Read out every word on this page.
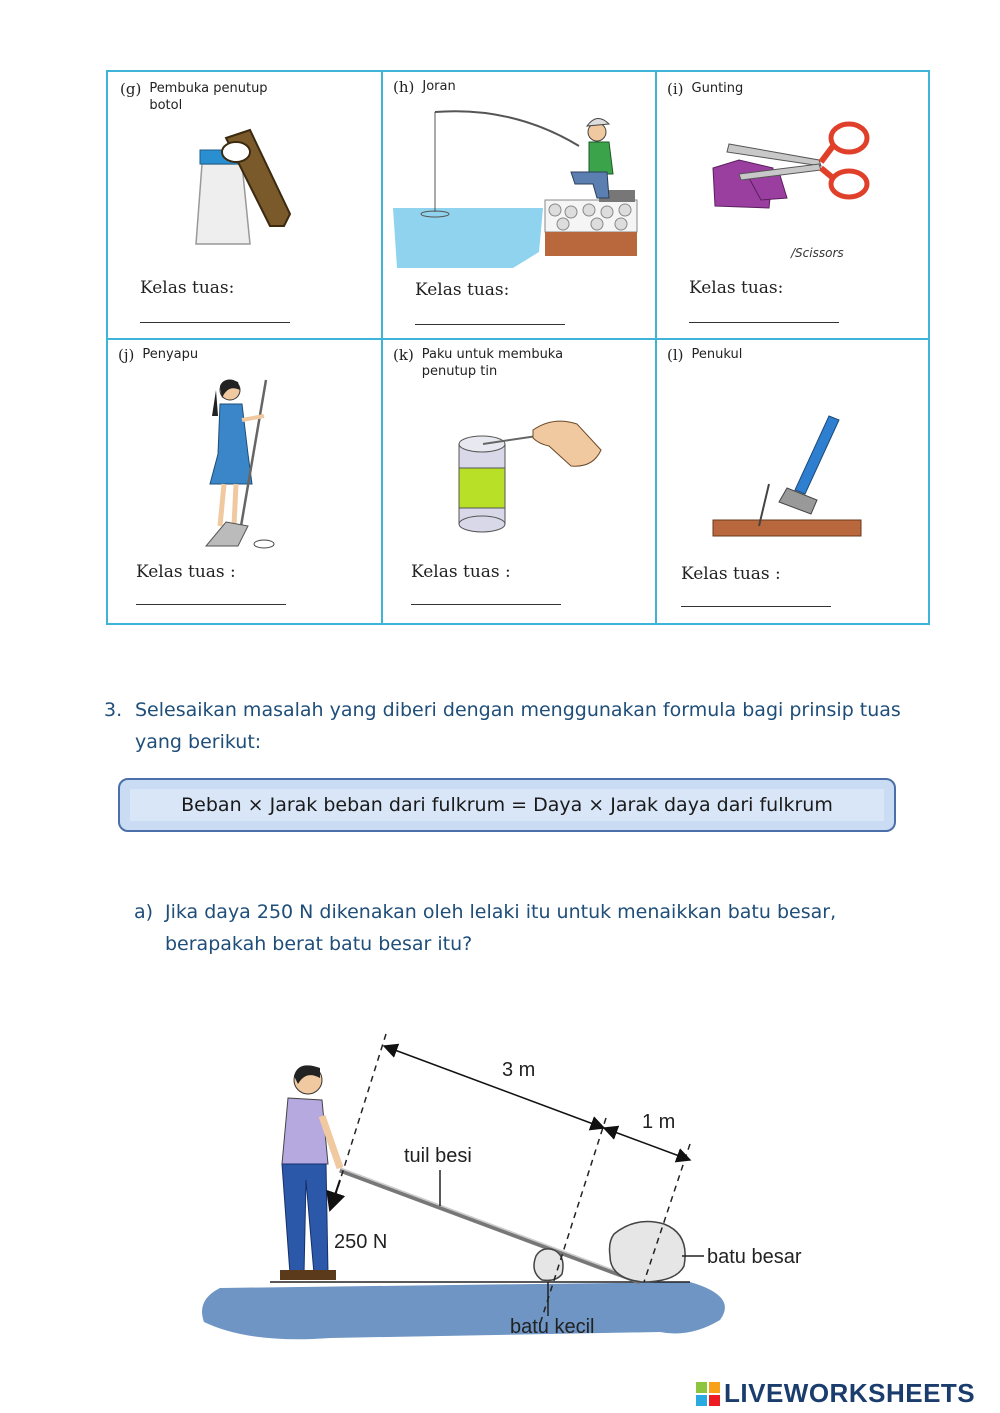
(g) Pembuka penutup botol
Kelas tuas:
(h) Joran
Kelas tuas:
(i) Gunting
/Scissors
Kelas tuas:
(j) Penyapu
Kelas tuas :
(k) Paku untuk membuka penutup tin
Kelas tuas :
(l) Penukul
Kelas tuas :
3. Selesaikan masalah yang diberi dengan menggunakan formula bagi prinsip tuas yang berikut:
Beban × Jarak beban dari fulkrum = Daya × Jarak daya dari fulkrum
a) Jika daya 250 N dikenakan oleh lelaki itu untuk menaikkan batu besar, berapakah berat batu besar itu?
3 m
1 m
tuil besi
250 N
batu besar
batu kecil
LIVEWORKSHEETS
